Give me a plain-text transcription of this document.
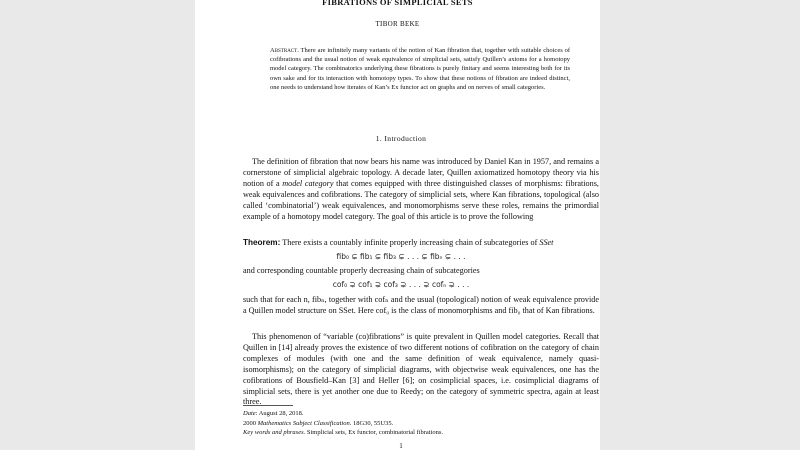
FIBRATIONS OF SIMPLICIAL SETS

TIBOR BEKE

Abstract. There are infinitely many variants of the notion of Kan fibration that, together with suitable choices of cofibrations and the usual notion of weak equivalence of simplicial sets, satisfy Quillen’s axioms for a homotopy model category. The combinatorics underlying these fibrations is purely finitary and seems interesting both for its own sake and for its interaction with homotopy types. To show that these notions of fibration are indeed distinct, one needs to understand how iterates of Kan’s Ex functor act on graphs and on nerves of small categories.

1. Introduction

The definition of fibration that now bears his name was introduced by Daniel Kan in 1957, and remains a cornerstone of simplicial algebraic topology. A decade later, Quillen axiomatized homotopy theory via his notion of a model category that comes equipped with three distinguished classes of morphisms: fibrations, weak equivalences and cofibrations. The category of simplicial sets, where Kan fibrations, topological (also called ‘combinatorial’) weak equivalences, and monomorphisms serve these roles, remains the primordial example of a homotopy model category. The goal of this article is to prove the following

Theorem: There exists a countably infinite properly increasing chain of subcategories of SSet

fib₀ ⊊ fib₁ ⊊ fib₃ ⊊ . . . ⊊ fibₙ ⊊ . . .

and corresponding countable properly decreasing chain of subcategories

cof₀ ⊋ cof₁ ⊋ cof₃ ⊋ . . . ⊋ cofₙ ⊋ . . .

such that for each n, fibₙ, together with cofₙ and the usual (topological) notion of weak equivalence provide a Quillen model structure on SSet. Here cof₀ is the class of monomorphisms and fib₀ that of Kan fibrations.

This phenomenon of “variable (co)fibrations” is quite prevalent in Quillen model categories. Recall that Quillen in [14] already proves the existence of two different notions of cofibration on the category of chain complexes of modules (with one and the same definition of weak equivalence, namely quasi-isomorphisms); on the category of simplicial diagrams, with objectwise weak equivalences, one has the cofibrations of Bousfield–Kan [3] and Heller [6]; on cosimplicial spaces, i.e. cosimplicial diagrams of simplicial sets, there is yet another one due to Reedy; on the category of symmetric spectra, again at least three.

Date: August 28, 2018.

2000 Mathematics Subject Classification. 18G30, 55U35.

Key words and phrases. Simplicial sets, Ex functor, combinatorial fibrations.

1
